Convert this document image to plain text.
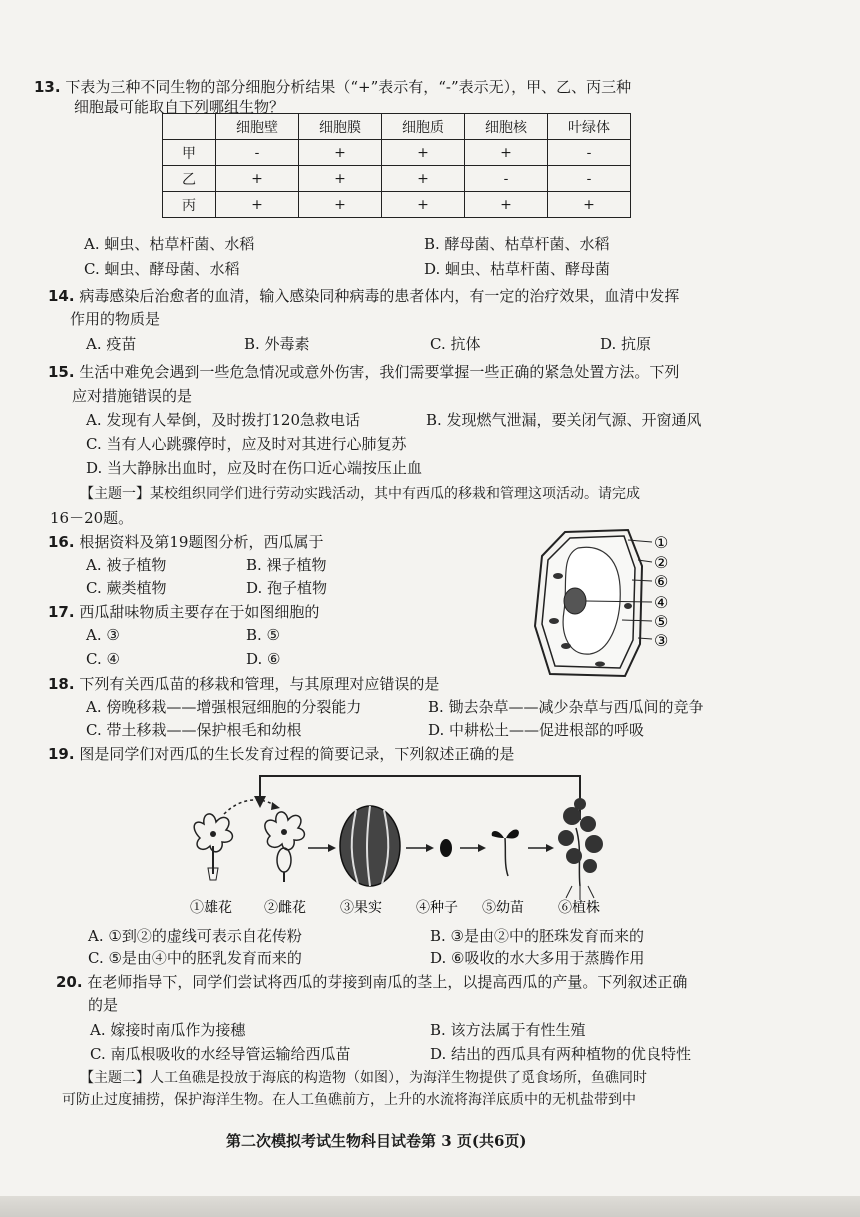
13. 下表为三种不同生物的部分细胞分析结果（“+”表示有，“-”表示无），甲、乙、丙三种
细胞最可能取自下列哪组生物？
	细胞壁	细胞膜	细胞质	细胞核	叶绿体
甲	-	+	+	+	-
乙	+	+	+	-	-
丙	+	+	+	+	+
A. 蛔虫、枯草杆菌、水稻	B. 酵母菌、枯草杆菌、水稻
C. 蛔虫、酵母菌、水稻	D. 蛔虫、枯草杆菌、酵母菌
14. 病毒感染后治愈者的血清，输入感染同种病毒的患者体内，有一定的治疗效果，血清中发挥
作用的物质是
A. 疫苗	B. 外毒素	C. 抗体	D. 抗原
15. 生活中难免会遇到一些危急情况或意外伤害，我们需要掌握一些正确的紧急处置方法。下列
应对措施错误的是
A. 发现有人晕倒，及时拨打120急救电话	B. 发现燃气泄漏，要关闭气源、开窗通风
C. 当有人心跳骤停时，应及时对其进行心肺复苏
D. 当大静脉出血时，应及时在伤口近心端按压止血
【主题一】某校组织同学们进行劳动实践活动，其中有西瓜的移栽和管理这项活动。请完成
16－20题。
16. 根据资料及第19题图分析，西瓜属于
A. 被子植物	B. 裸子植物
C. 蕨类植物	D. 孢子植物
17. 西瓜甜味物质主要存在于如图细胞的
A. ③	B. ⑤
C. ④	D. ⑥
①
②
⑥
④
⑤
③
18. 下列有关西瓜苗的移栽和管理，与其原理对应错误的是
A. 傍晚移栽——增强根冠细胞的分裂能力	B. 锄去杂草——减少杂草与西瓜间的竞争
C. 带土移栽——保护根毛和幼根	D. 中耕松土——促进根部的呼吸
19. 图是同学们对西瓜的生长发育过程的简要记录，下列叙述正确的是
①雄花 ②雌花 ③果实 ④种子 ⑤幼苗 ⑥植株
A. ①到②的虚线可表示自花传粉	B. ③是由②中的胚珠发育而来的
C. ⑤是由④中的胚乳发育而来的	D. ⑥吸收的水大多用于蒸腾作用
20. 在老师指导下，同学们尝试将西瓜的芽接到南瓜的茎上，以提高西瓜的产量。下列叙述正确
的是
A. 嫁接时南瓜作为接穗	B. 该方法属于有性生殖
C. 南瓜根吸收的水经导管运输给西瓜苗	D. 结出的西瓜具有两种植物的优良特性
【主题二】人工鱼礁是投放于海底的构造物（如图），为海洋生物提供了觅食场所，鱼礁同时
可防止过度捕捞，保护海洋生物。在人工鱼礁前方，上升的水流将海洋底质中的无机盐带到中
第二次模拟考试生物科目试卷第 3 页(共6页)
